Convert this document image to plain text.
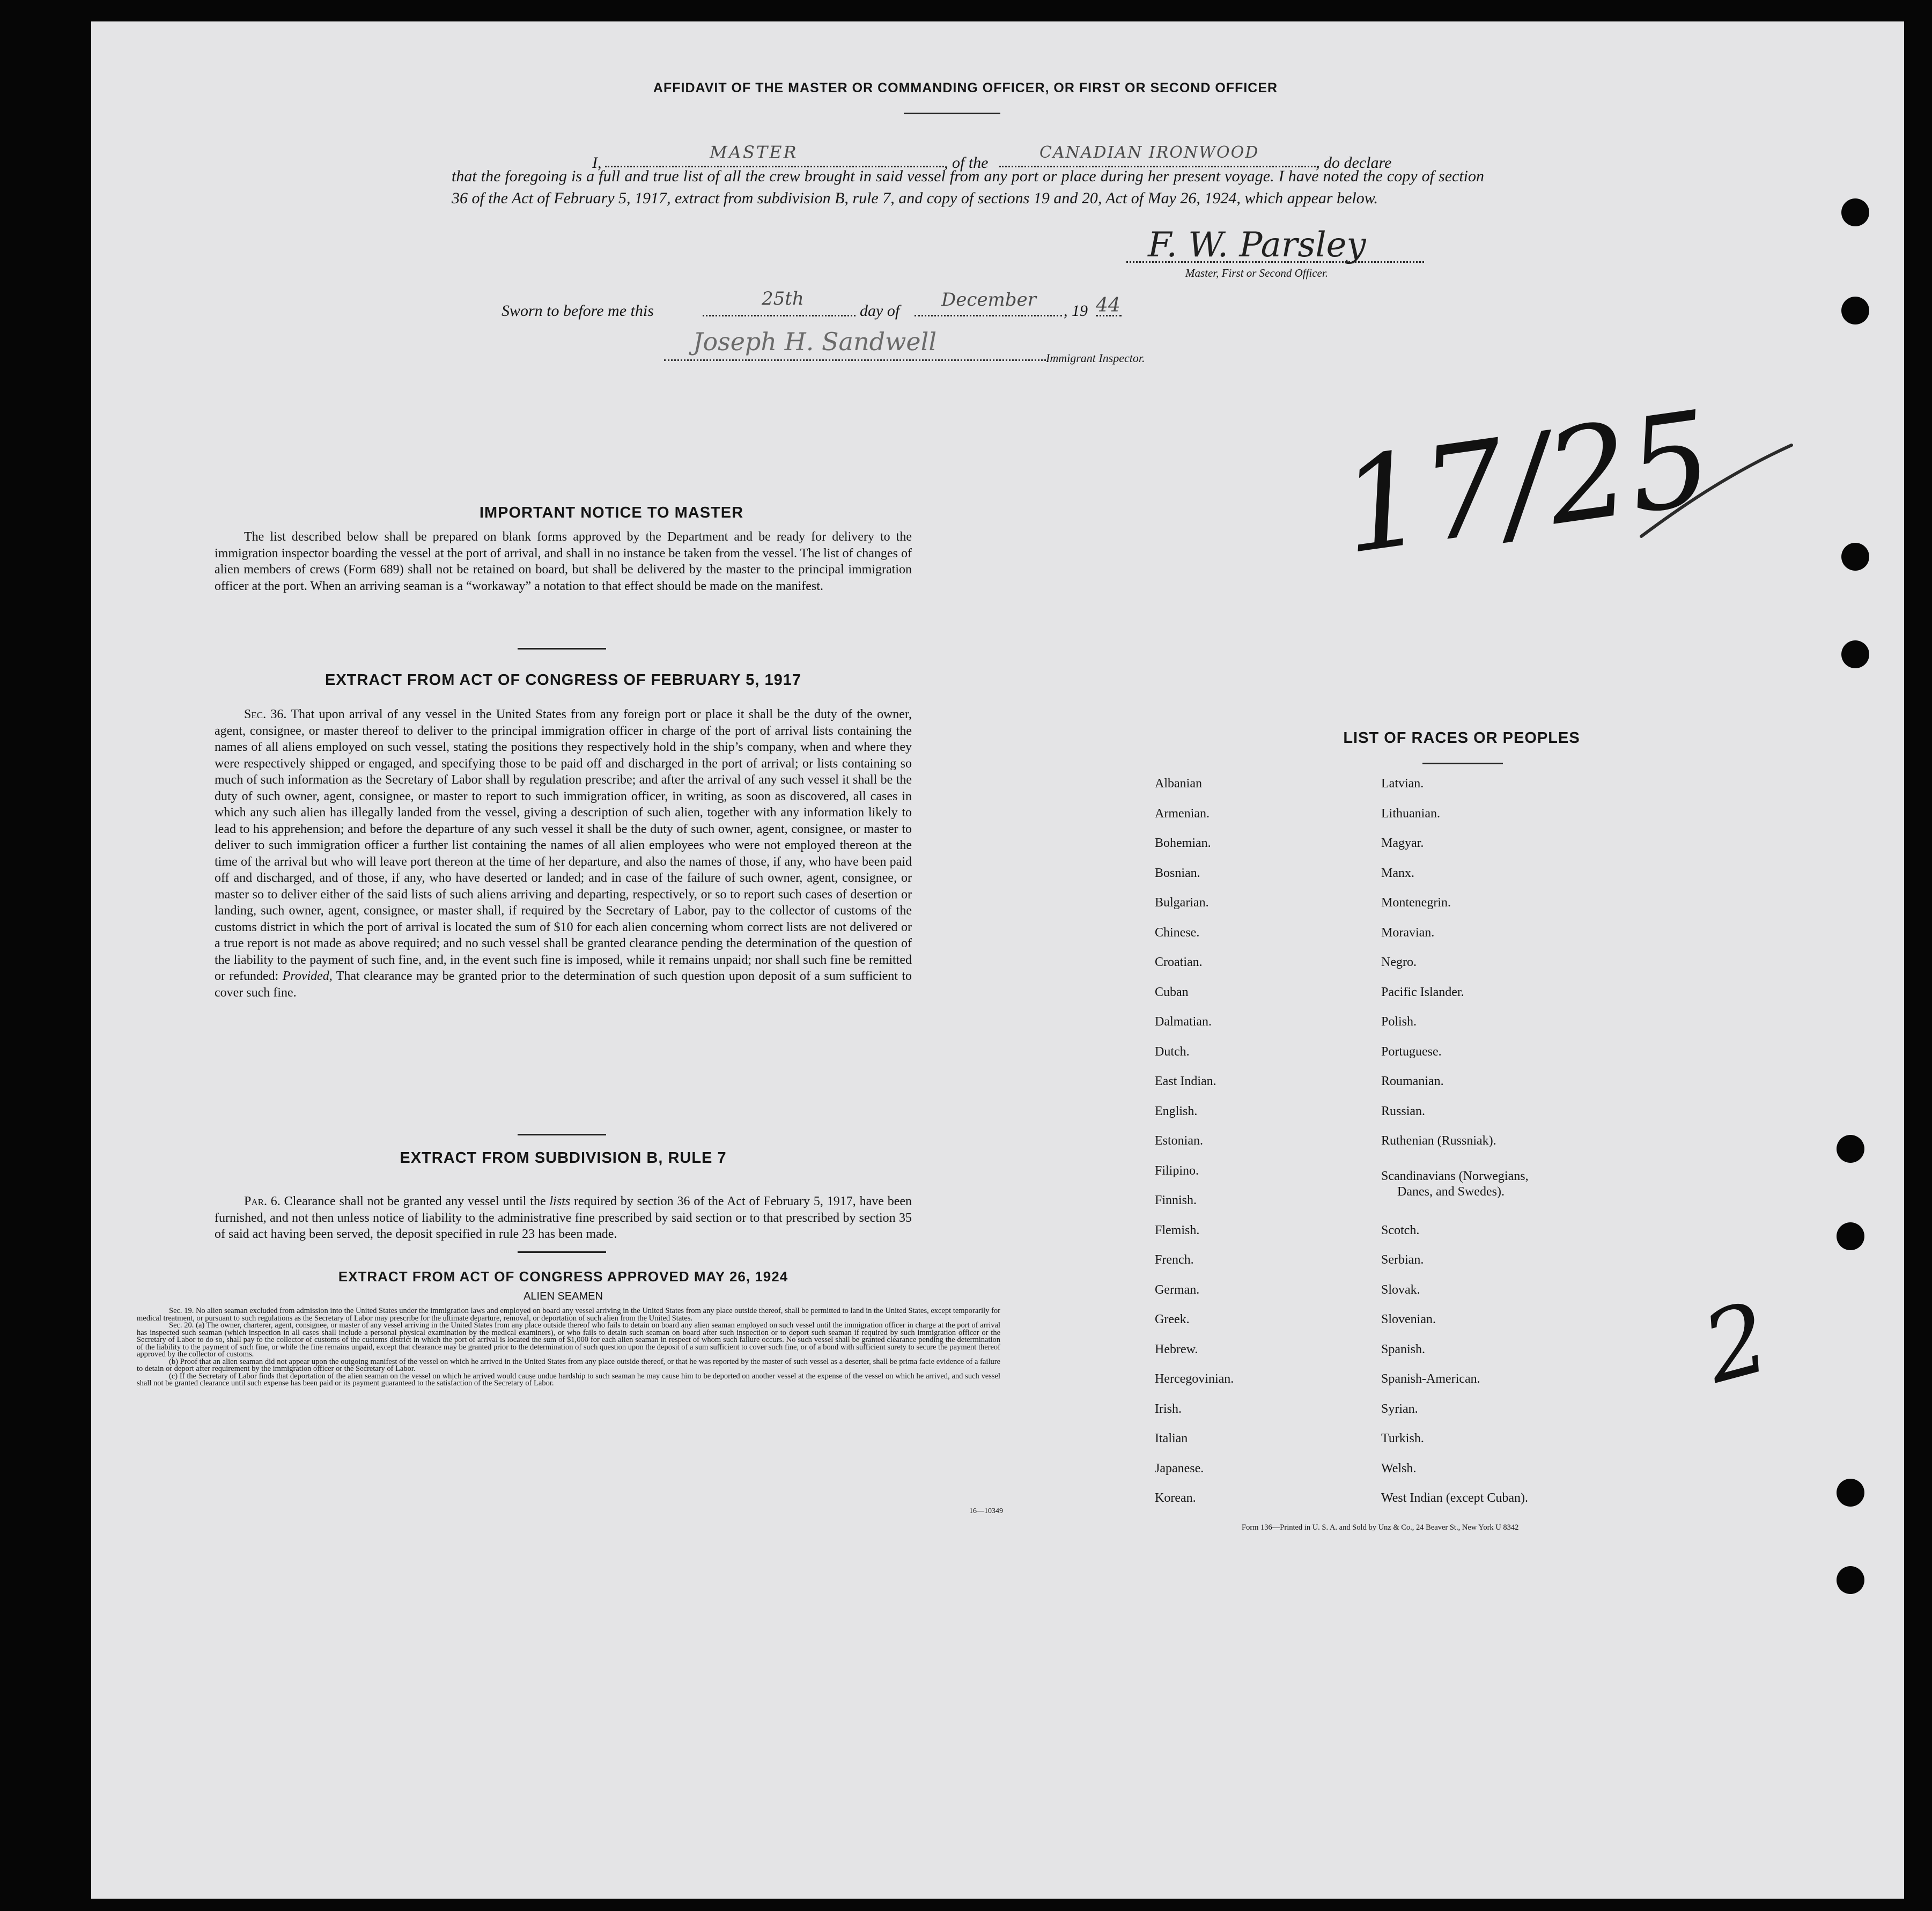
AFFIDAVIT OF THE MASTER OR COMMANDING OFFICER, OR FIRST OR SECOND OFFICER
I,
MASTER
, of the
CANADIAN IRONWOOD
, do declare
that the foregoing is a full and true list of all the crew brought in said vessel from any port or place during her present voyage. I have noted the copy of section 36 of the Act of February 5, 1917, extract from subdivision B, rule 7, and copy of sections 19 and 20, Act of May 26, 1924, which appear below.
F. W. Parsley
Master, First or Second Officer.
Sworn to before me this
25th
day of
December
, 19 44
Joseph H. Sandwell
Immigrant Inspector.
IMPORTANT NOTICE TO MASTER
The list described below shall be prepared on blank forms approved by the Department and be ready for delivery to the immigration inspector boarding the vessel at the port of arrival, and shall in no instance be taken from the vessel. The list of changes of alien members of crews (Form 689) shall not be retained on board, but shall be delivered by the master to the principal immigration officer at the port. When an arriving seaman is a “workaway” a notation to that effect should be made on the manifest.
EXTRACT FROM ACT OF CONGRESS OF FEBRUARY 5, 1917
Sec. 36. That upon arrival of any vessel in the United States from any foreign port or place it shall be the duty of the owner, agent, consignee, or master thereof to deliver to the principal immigration officer in charge of the port of arrival lists containing the names of all aliens employed on such vessel, stating the positions they respectively hold in the ship’s company, when and where they were respectively shipped or engaged, and specifying those to be paid off and discharged in the port of arrival; or lists containing so much of such information as the Secretary of Labor shall by regulation prescribe; and after the arrival of any such vessel it shall be the duty of such owner, agent, consignee, or master to report to such immigration officer, in writing, as soon as discovered, all cases in which any such alien has illegally landed from the vessel, giving a description of such alien, together with any information likely to lead to his apprehension; and before the departure of any such vessel it shall be the duty of such owner, agent, consignee, or master to deliver to such immigration officer a further list containing the names of all alien employees who were not employed thereon at the time of the arrival but who will leave port thereon at the time of her departure, and also the names of those, if any, who have been paid off and discharged, and of those, if any, who have deserted or landed; and in case of the failure of such owner, agent, consignee, or master so to deliver either of the said lists of such aliens arriving and departing, respectively, or so to report such cases of desertion or landing, such owner, agent, consignee, or master shall, if required by the Secretary of Labor, pay to the collector of customs of the customs district in which the port of arrival is located the sum of $10 for each alien concerning whom correct lists are not delivered or a true report is not made as above required; and no such vessel shall be granted clearance pending the determination of the question of the liability to the payment of such fine, and, in the event such fine is imposed, while it remains unpaid; nor shall such fine be remitted or refunded: Provided, That clearance may be granted prior to the determination of such question upon deposit of a sum sufficient to cover such fine.
EXTRACT FROM SUBDIVISION B, RULE 7
Par. 6. Clearance shall not be granted any vessel until the lists required by section 36 of the Act of February 5, 1917, have been furnished, and not then unless notice of liability to the administrative fine prescribed by said section or to that prescribed by section 35 of said act having been served, the deposit specified in rule 23 has been made.
EXTRACT FROM ACT OF CONGRESS APPROVED MAY 26, 1924
ALIEN SEAMEN
Sec. 19. No alien seaman excluded from admission into the United States under the immigration laws and employed on board any vessel arriving in the United States from any place outside thereof, shall be permitted to land in the United States, except temporarily for medical treatment, or pursuant to such regulations as the Secretary of Labor may prescribe for the ultimate departure, removal, or deportation of such alien from the United States.
Sec. 20. (a) The owner, charterer, agent, consignee, or master of any vessel arriving in the United States from any place outside thereof who fails to detain on board any alien seaman employed on such vessel until the immigration officer in charge at the port of arrival has inspected such seaman (which inspection in all cases shall include a personal physical examination by the medical examiners), or who fails to detain such seaman on board after such inspection or to deport such seaman if required by such immigration officer or the Secretary of Labor to do so, shall pay to the collector of customs of the customs district in which the port of arrival is located the sum of $1,000 for each alien seaman in respect of whom such failure occurs. No such vessel shall be granted clearance pending the determination of the liability to the payment of such fine, or while the fine remains unpaid, except that clearance may be granted prior to the determination of such question upon the deposit of a sum sufficient to cover such fine, or of a bond with sufficient surety to secure the payment thereof approved by the collector of customs.
(b) Proof that an alien seaman did not appear upon the outgoing manifest of the vessel on which he arrived in the United States from any place outside thereof, or that he was reported by the master of such vessel as a deserter, shall be prima facie evidence of a failure to detain or deport after requirement by the immigration officer or the Secretary of Labor.
(c) If the Secretary of Labor finds that deportation of the alien seaman on the vessel on which he arrived would cause undue hardship to such seaman he may cause him to be deported on another vessel at the expense of the vessel on which he arrived, and such vessel shall not be granted clearance until such expense has been paid or its payment guaranteed to the satisfaction of the Secretary of Labor.
16—10349
LIST OF RACES OR PEOPLES
Albanian
Armenian.
Bohemian.
Bosnian.
Bulgarian.
Chinese.
Croatian.
Cuban
Dalmatian.
Dutch.
East Indian.
English.
Estonian.
Filipino.
Finnish.
Flemish.
French.
German.
Greek.
Hebrew.
Hercegovinian.
Irish.
Italian
Japanese.
Korean.
Latvian.
Lithuanian.
Magyar.
Manx.
Montenegrin.
Moravian.
Negro.
Pacific Islander.
Polish.
Portuguese.
Roumanian.
Russian.
Ruthenian (Russniak).
Scandinavians (Norwegians,
Danes, and Swedes).
Scotch.
Serbian.
Slovak.
Slovenian.
Spanish.
Spanish-American.
Syrian.
Turkish.
Welsh.
West Indian (except Cuban).
Form 136—Printed in U. S. A. and Sold by Unz & Co., 24 Beaver St., New York U 8342
17/25
2
